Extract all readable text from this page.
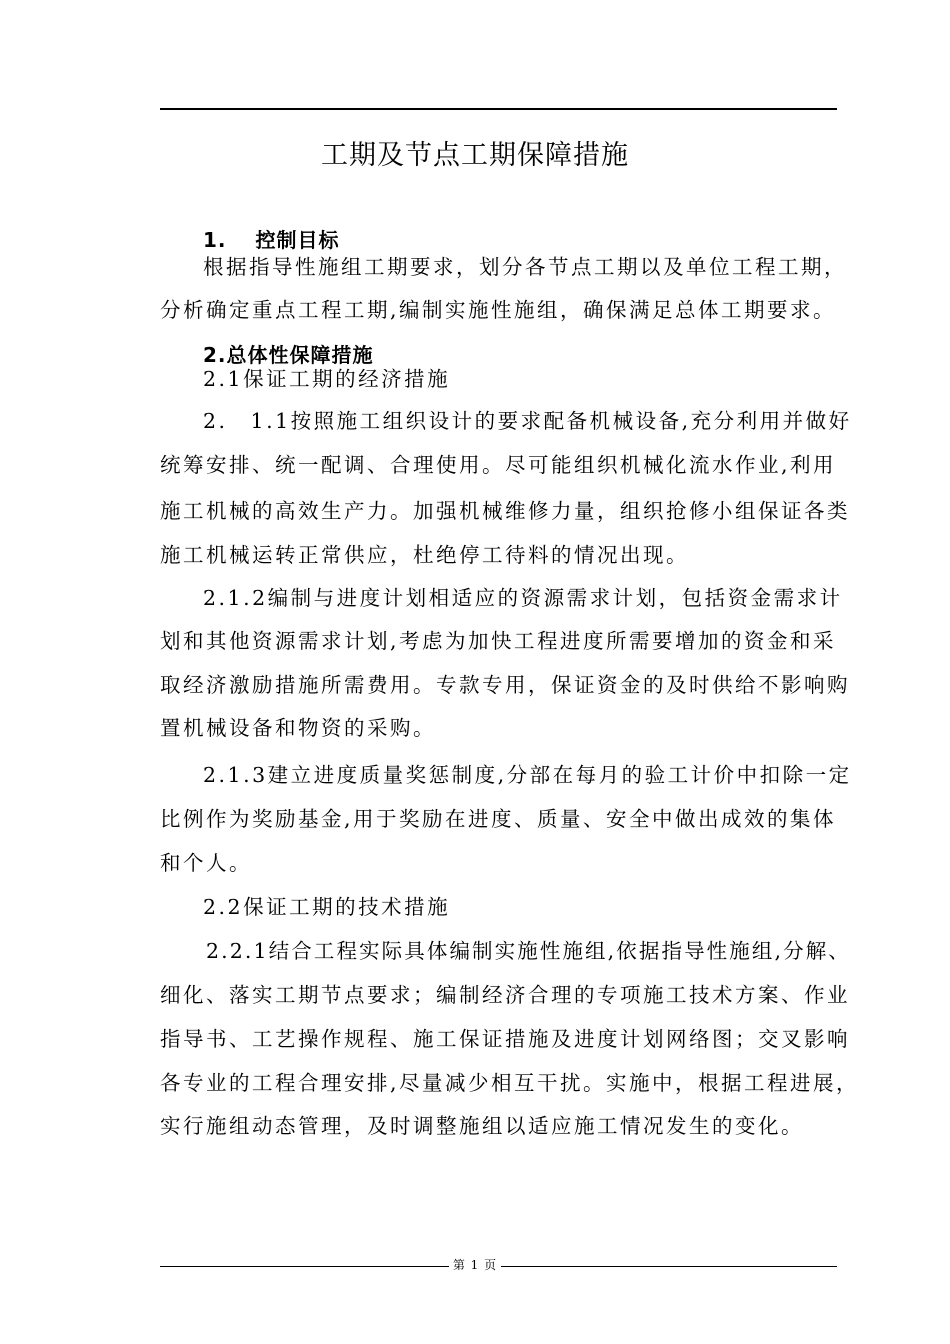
工期及节点工期保障措施
1.　 控制目标
根据指导性施组工期要求，划分各节点工期以及单位工程工期，
分析确定重点工程工期,编制实施性施组，确保满足总体工期要求。
2.总体性保障措施
2.1保证工期的经济措施
2.　1.1按照施工组织设计的要求配备机械设备,充分利用并做好
统筹安排、统一配调、合理使用。尽可能组织机械化流水作业,利用
施工机械的高效生产力。加强机械维修力量，组织抢修小组保证各类
施工机械运转正常供应，杜绝停工待料的情况出现。
2.1.2编制与进度计划相适应的资源需求计划，包括资金需求计
划和其他资源需求计划,考虑为加快工程进度所需要增加的资金和采
取经济激励措施所需费用。专款专用，保证资金的及时供给不影响购
置机械设备和物资的采购。
2.1.3建立进度质量奖惩制度,分部在每月的验工计价中扣除一定
比例作为奖励基金,用于奖励在进度、质量、安全中做出成效的集体
和个人。
2.2保证工期的技术措施
2.2.1结合工程实际具体编制实施性施组,依据指导性施组,分解、
细化、落实工期节点要求；编制经济合理的专项施工技术方案、作业
指导书、工艺操作规程、施工保证措施及进度计划网络图；交叉影响
各专业的工程合理安排,尽量减少相互干扰。实施中，根据工程进展，
实行施组动态管理，及时调整施组以适应施工情况发生的变化。
第 1 页
